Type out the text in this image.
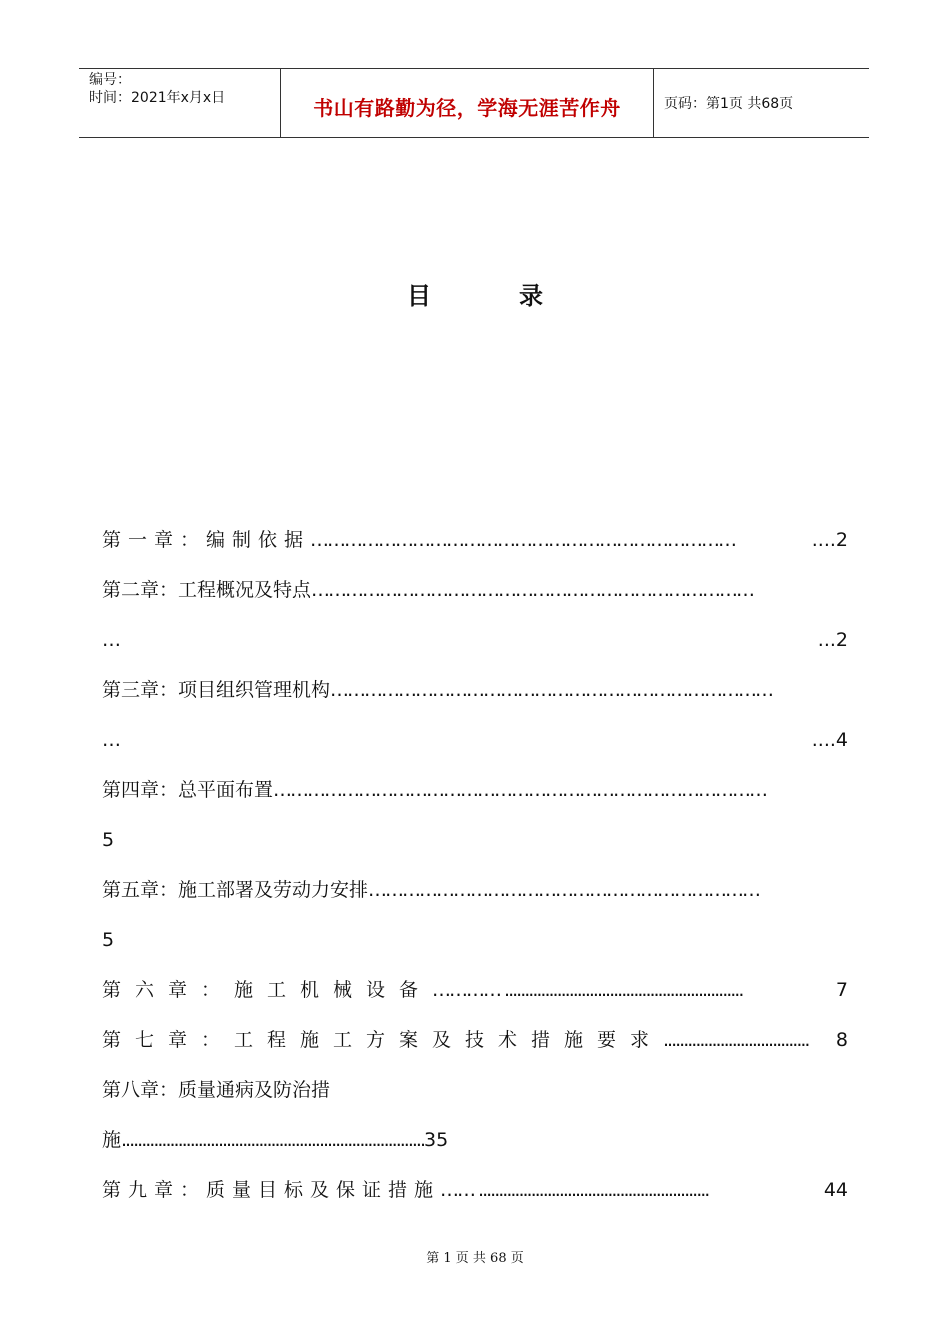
编号：
时间：2021年x月x日	书山有路勤为径，学海无涯苦作舟	页码：第1页 共68页
目	录
第一章：编制依据…………………………………………………………………	....2
第二章：工程概况及特点……………………………………………………………………
…	...2
第三章：项目组织管理机构……………………………………………………………………
…	....4
第四章：总平面布置……………………………………………………………………………
5
第五章：施工部署及劳动力安排……………………………………………………………
5
第六章：施工机械设备………… ...........................................................	7
第七章：工程施工方案及技术措施要求.................................... 8
第八章：质量通病及防治措
施...........................................................................35
第九章：质量目标及保证措施…… .........................................................	44
第 1 页 共 68 页
